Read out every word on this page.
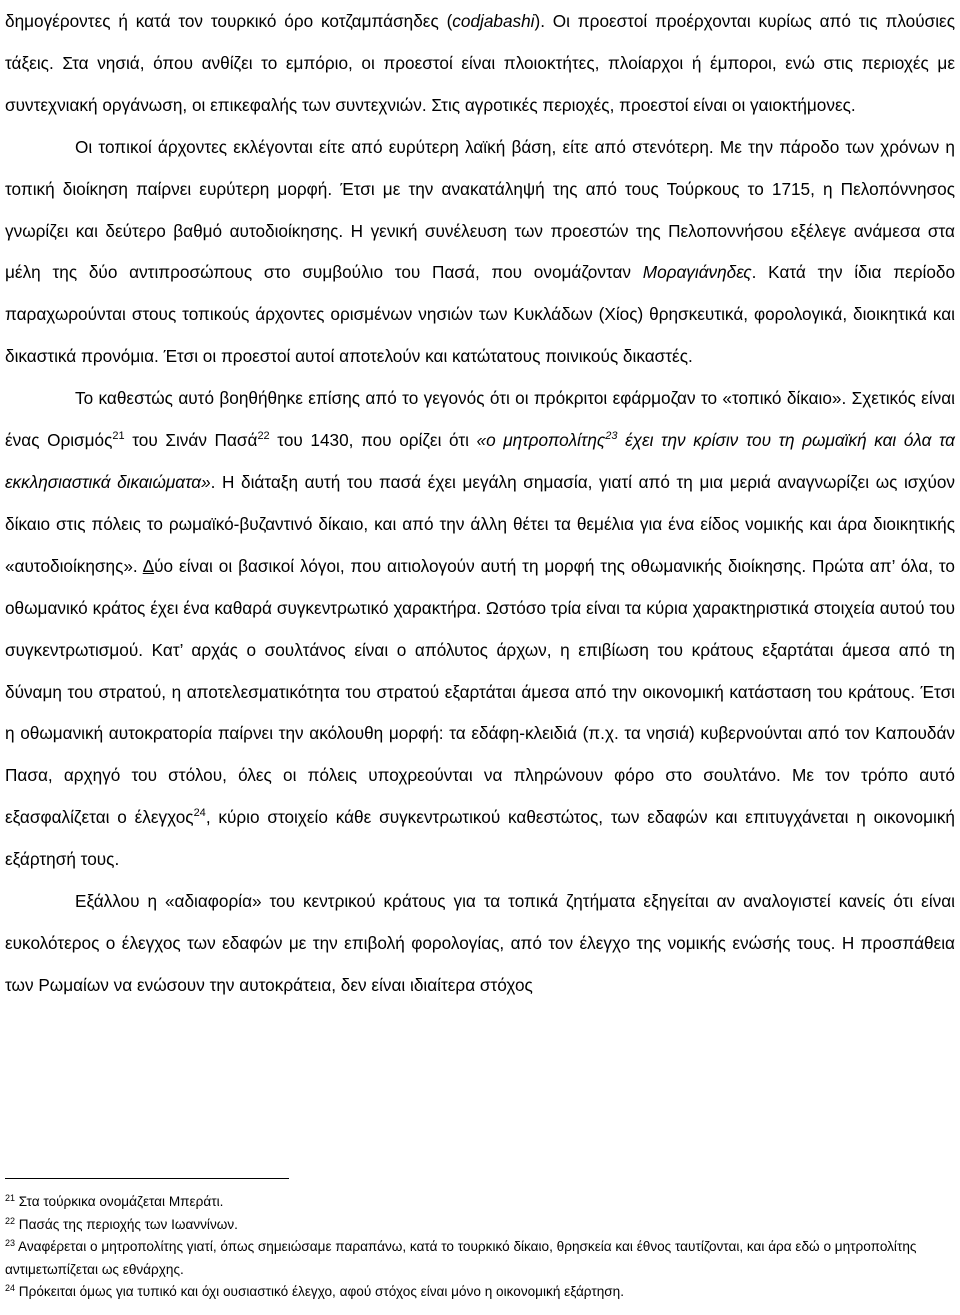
δημογέροντες ή κατά τον τουρκικό όρο κοτζαμπάσηδες (codjabashi). Οι προεστοί προέρχονται κυρίως από τις πλούσιες τάξεις. Στα νησιά, όπου ανθίζει το εμπόριο, οι προεστοί είναι πλοιοκτήτες, πλοίαρχοι ή έμποροι, ενώ στις περιοχές με συντεχνιακή οργάνωση, οι επικεφαλής των συντεχνιών. Στις αγροτικές περιοχές, προεστοί είναι οι γαιοκτήμονες.

Οι τοπικοί άρχοντες εκλέγονται είτε από ευρύτερη λαϊκή βάση, είτε από στενότερη. Με την πάροδο των χρόνων η τοπική διοίκηση παίρνει ευρύτερη μορφή. Έτσι με την ανακατάληψή της από τους Τούρκους το 1715, η Πελοπόννησος γνωρίζει και δεύτερο βαθμό αυτοδιοίκησης. Η γενική συνέλευση των προεστών της Πελοποννήσου εξέλεγε ανάμεσα στα μέλη της δύο αντιπροσώπους στο συμβούλιο του Πασά, που ονομάζονταν Μοραγιάνηδες. Κατά την ίδια περίοδο παραχωρούνται στους τοπικούς άρχοντες ορισμένων νησιών των Κυκλάδων (Χίος) θρησκευτικά, φορολογικά, διοικητικά και δικαστικά προνόμια. Έτσι οι προεστοί αυτοί αποτελούν και κατώτατους ποινικούς δικαστές.

Το καθεστώς αυτό βοηθήθηκε επίσης από το γεγονός ότι οι πρόκριτοι εφάρμοζαν το «τοπικό δίκαιο». Σχετικός είναι ένας Ορισμός$^{21}$ του Σινάν Πασά$^{22}$ του 1430, που ορίζει ότι «ο μητροπολίτης$^{23}$ έχει την κρίσιν του τη ρωμαϊκή και όλα τα εκκλησιαστικά δικαιώματα». Η διάταξη αυτή του πασά έχει μεγάλη σημασία, γιατί από τη μια μεριά αναγνωρίζει ως ισχύον δίκαιο στις πόλεις το ρωμαϊκό-βυζαντινό δίκαιο, και από την άλλη θέτει τα θεμέλια για ένα είδος νομικής και άρα διοικητικής «αυτοδιοίκησης». Δύο είναι οι βασικοί λόγοι, που αιτιολογούν αυτή τη μορφή της οθωμανικής διοίκησης. Πρώτα απ’ όλα, το οθωμανικό κράτος έχει ένα καθαρά συγκεντρωτικό χαρακτήρα. Ωστόσο τρία είναι τα κύρια χαρακτηριστικά στοιχεία αυτού του συγκεντρωτισμού. Κατ’ αρχάς ο σουλτάνος είναι ο απόλυτος άρχων, η επιβίωση του κράτους εξαρτάται άμεσα από τη δύναμη του στρατού, η αποτελεσματικότητα του στρατού εξαρτάται άμεσα από την οικονομική κατάσταση του κράτους. Έτσι η οθωμανική αυτοκρατορία παίρνει την ακόλουθη μορφή: τα εδάφη-κλειδιά (π.χ. τα νησιά) κυβερνούνται από τον Καπουδάν Πασα, αρχηγό του στόλου, όλες οι πόλεις υποχρεούνται να πληρώνουν φόρο στο σουλτάνο. Με τον τρόπο αυτό εξασφαλίζεται ο έλεγχος$^{24}$, κύριο στοιχείο κάθε συγκεντρωτικού καθεστώτος, των εδαφών και επιτυγχάνεται η οικονομική εξάρτησή τους.

Εξάλλου η «αδιαφορία» του κεντρικού κράτους για τα τοπικά ζητήματα εξηγείται αν αναλογιστεί κανείς ότι είναι ευκολότερος ο έλεγχος των εδαφών με την επιβολή φορολογίας, από τον έλεγχο της νομικής ενώσής τους. Η προσπάθεια των Ρωμαίων να ενώσουν την αυτοκράτεια, δεν είναι ιδιαίτερα στόχος

$^{21}$ Στα τούρκικα ονομάζεται Μπεράτι.

$^{22}$ Πασάς της περιοχής των Ιωαννίνων.

$^{23}$ Αναφέρεται ο μητροπολίτης γιατί, όπως σημειώσαμε παραπάνω, κατά το τουρκικό δίκαιο, θρησκεία και έθνος ταυτίζονται, και άρα εδώ ο μητροπολίτης αντιμετωπίζεται ως εθνάρχης.

$^{24}$ Πρόκειται όμως για τυπικό και όχι ουσιαστικό έλεγχο, αφού στόχος είναι μόνο η οικονομική εξάρτηση.
